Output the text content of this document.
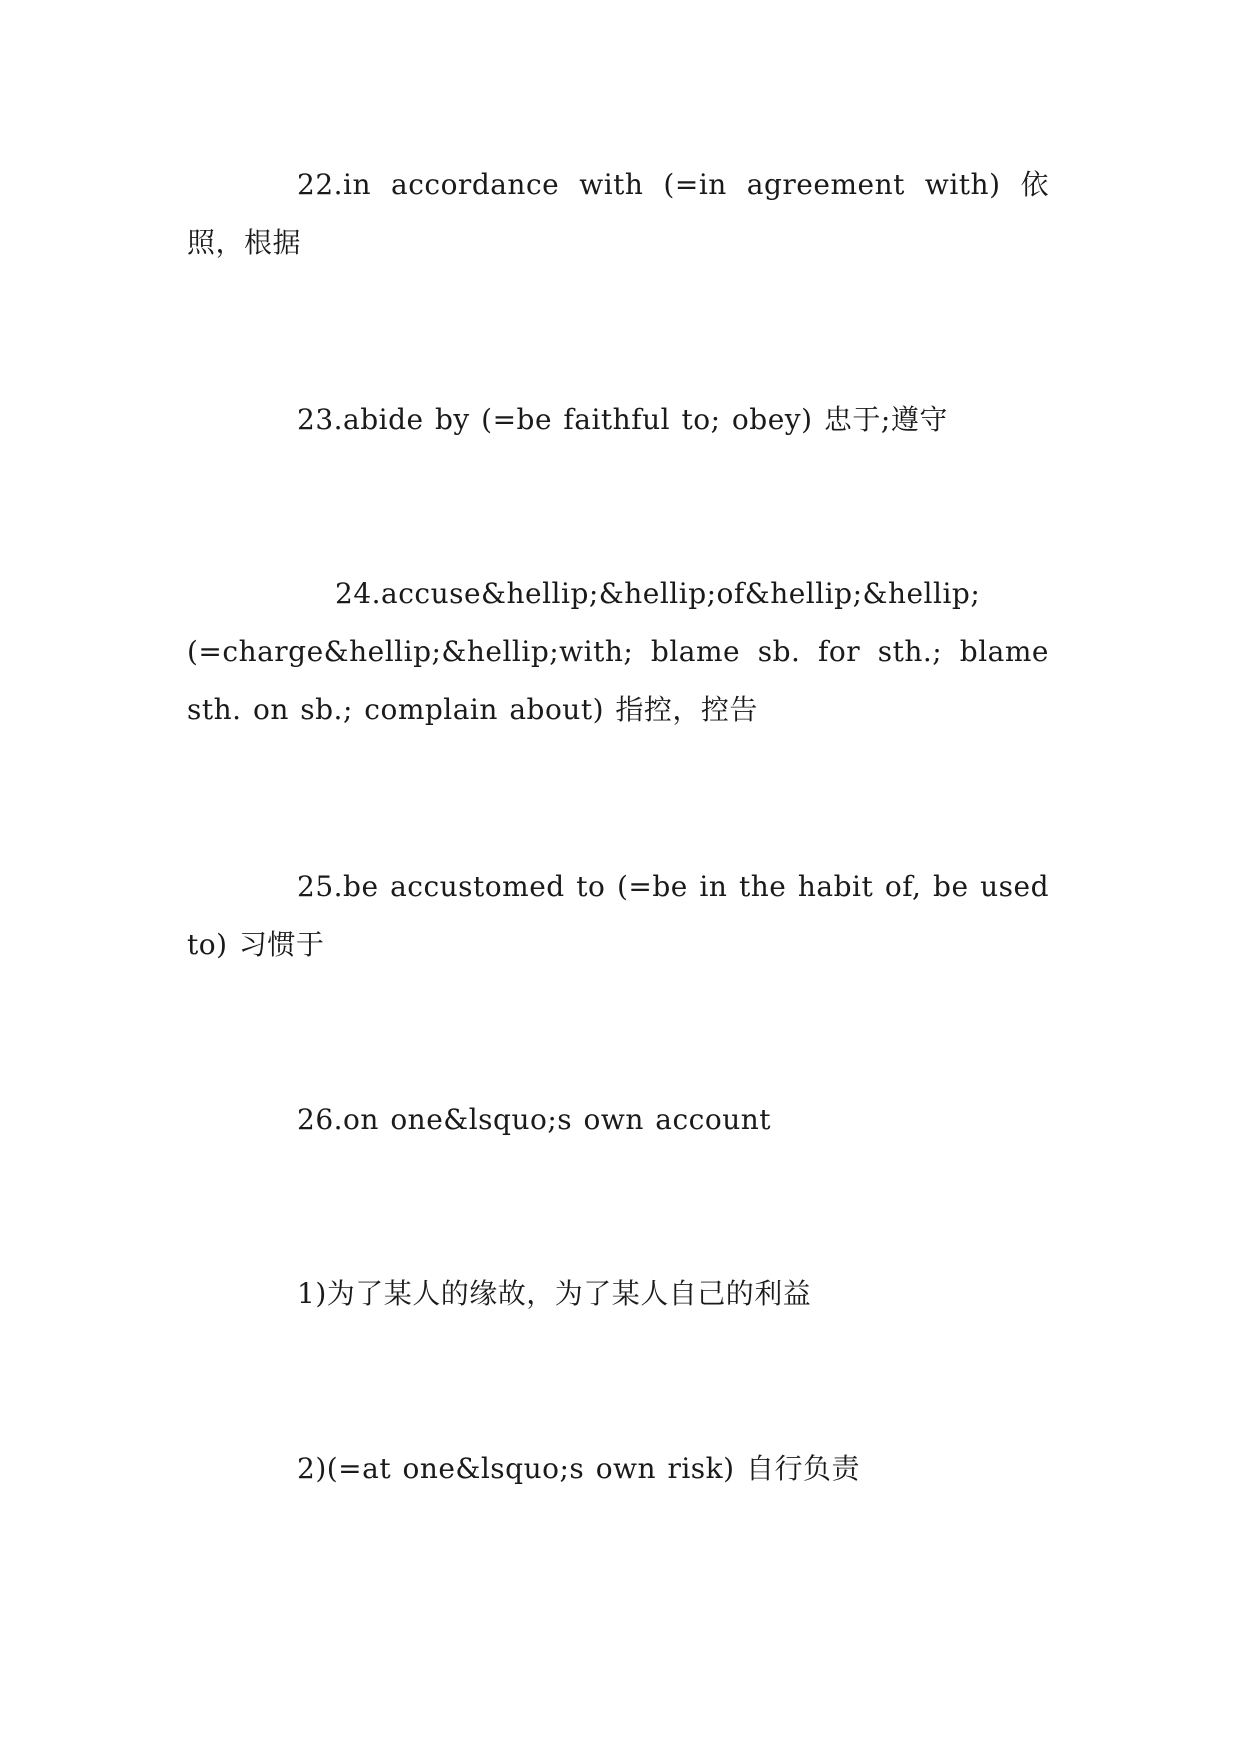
22.in accordance with (=in agreement with) 依照，根据

23.abide by (=be faithful to; obey) 忠于;遵守

24.accuse&hellip;&hellip;of&hellip;&hellip;(=charge&hellip;&hellip;with; blame sb. for sth.; blame sth. on sb.; complain about) 指控，控告

25.be accustomed to (=be in the habit of, be used to) 习惯于

26.on one&lsquo;s own account

1)为了某人的缘故，为了某人自己的利益

2)(=at one&lsquo;s own risk) 自行负责
